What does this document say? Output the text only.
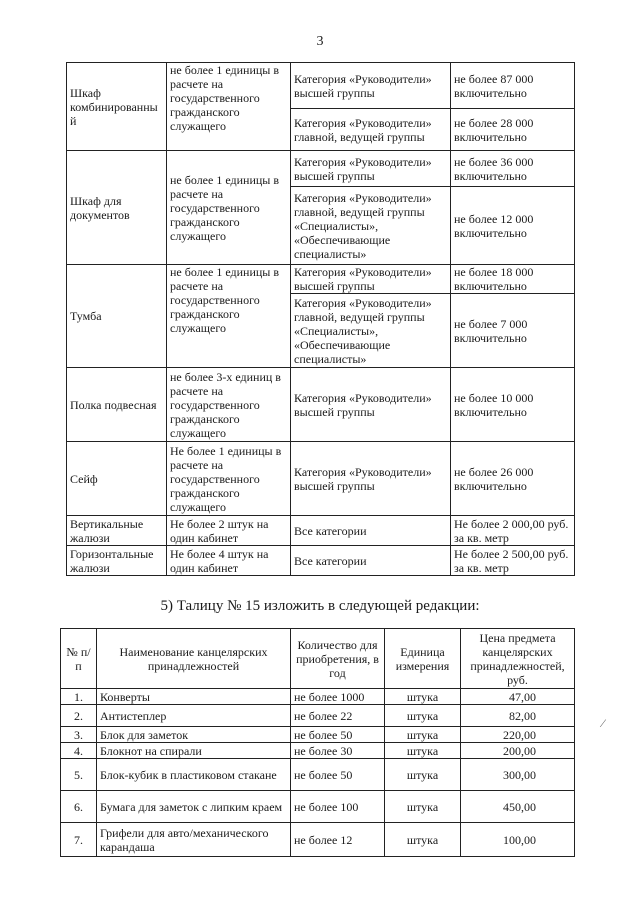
3
Шкаф комбинированный	не более 1 единицы в расчете на государственного гражданского служащего	Категория «Руководители» высшей группы	не более 87 000 включительно
		Категория «Руководители» главной, ведущей группы	не более 28 000 включительно
Шкаф для документов	не более 1 единицы в расчете на государственного гражданского служащего	Категория «Руководители» высшей группы	не более 36 000 включительно
		Категория «Руководители» главной, ведущей группы «Специалисты», «Обеспечивающие специалисты»	не более 12 000 включительно
Тумба	не более 1 единицы в расчете на государственного гражданского служащего	Категория «Руководители» высшей группы	не более 18 000 включительно
		Категория «Руководители» главной, ведущей группы «Специалисты», «Обеспечивающие специалисты»	не более 7 000 включительно
Полка подвесная	не более 3-х единиц в расчете на государственного гражданского служащего	Категория «Руководители» высшей группы	не более 10 000 включительно
Сейф	Не более 1 единицы в расчете на государственного гражданского служащего	Категория «Руководители» высшей группы	не более 26 000 включительно
Вертикальные жалюзи	Не более 2 штук на один кабинет	Все категории	Не более 2 000,00 руб. за кв. метр
Горизонтальные жалюзи	Не более 4 штук на один кабинет	Все категории	Не более 2 500,00 руб. за кв. метр
5) Талицу № 15 изложить в следующей редакции:
№ п/п	Наименование канцелярских принадлежностей	Количество для приобретения, в год	Единица измерения	Цена предмета канцелярских принадлежностей, руб.
1.	Конверты	не более 1000	штука	47,00
2.	Антистеплер	не более 22	штука	82,00
3.	Блок для заметок	не более 50	штука	220,00
4.	Блокнот на спирали	не более 30	штука	200,00
5.	Блок-кубик в пластиковом стакане	не более 50	штука	300,00
6.	Бумага для заметок с липким краем	не более 100	штука	450,00
7.	Грифели для авто/механического карандаша	не более 12	штука	100,00
⁄
